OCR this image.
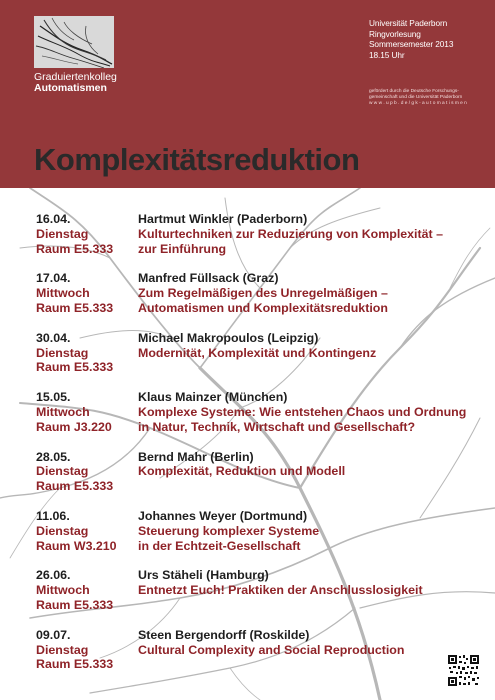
Graduiertenkolleg
Automatismen
Universität Paderborn
Ringvorlesung
Sommersemester 2013
18.15 Uhr
gefördert durch die Deutsche Forschungs-
gemeinschaft und die Universität Paderborn
w w w . u p b . d e / g k - a u t o m a t i s m e n
Komplexitätsreduktion
16.04.
Dienstag
Raum E5.333
Hartmut Winkler (Paderborn)
Kulturtechniken zur Reduzierung von Komplexität –
zur Einführung
17.04.
Mittwoch
Raum E5.333
Manfred Füllsack (Graz)
Zum Regelmäßigen des Unregelmäßigen –
Automatismen und Komplexitätsreduktion
30.04.
Dienstag
Raum E5.333
Michael Makropoulos (Leipzig)
Modernität, Komplexität und Kontingenz
15.05.
Mittwoch
Raum J3.220
Klaus Mainzer (München)
Komplexe Systeme: Wie entstehen Chaos und Ordnung
in Natur, Technik, Wirtschaft und Gesellschaft?
28.05.
Dienstag
Raum E5.333
Bernd Mahr (Berlin)
Komplexität, Reduktion und Modell
11.06.
Dienstag
Raum W3.210
Johannes Weyer (Dortmund)
Steuerung komplexer Systeme
in der Echtzeit-Gesellschaft
26.06.
Mittwoch
Raum E5.333
Urs Stäheli (Hamburg)
Entnetzt Euch! Praktiken der Anschlusslosigkeit
09.07.
Dienstag
Raum E5.333
Steen Bergendorff (Roskilde)
Cultural Complexity and Social Reproduction
